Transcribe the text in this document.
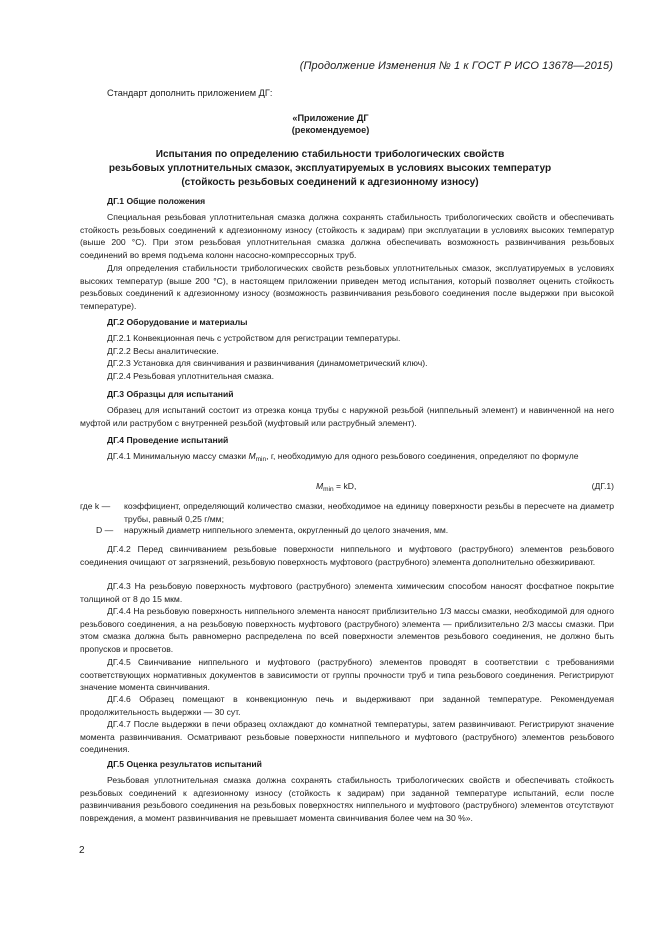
(Продолжение Изменения № 1 к ГОСТ Р ИСО 13678—2015)
Стандарт дополнить приложением ДГ:
«Приложение ДГ
(рекомендуемое)
Испытания по определению стабильности трибологических свойств
резьбовых уплотнительных смазок, эксплуатируемых в условиях высоких температур
(стойкость резьбовых соединений к адгезионному износу)
ДГ.1 Общие положения
Специальная резьбовая уплотнительная смазка должна сохранять стабильность трибологических свойств и обеспечивать стойкость резьбовых соединений к адгезионному износу (стойкость к задирам) при эксплуатации в условиях высоких температур (выше 200 °C). При этом резьбовая уплотнительная смазка должна обеспечивать возможность развинчивания резьбовых соединений во время подъема колонн насосно-компрессорных труб.
Для определения стабильности трибологических свойств резьбовых уплотнительных смазок, эксплуатируемых в условиях высоких температур (выше 200 °C), в настоящем приложении приведен метод испытания, который позволяет оценить стойкость резьбовых соединений к адгезионному износу (возможность развинчивания резьбового соединения после выдержки при высокой температуре).
ДГ.2 Оборудование и материалы
ДГ.2.1 Конвекционная печь с устройством для регистрации температуры.
ДГ.2.2 Весы аналитические.
ДГ.2.3 Установка для свинчивания и развинчивания (динамометрический ключ).
ДГ.2.4 Резьбовая уплотнительная смазка.
ДГ.3 Образцы для испытаний
Образец для испытаний состоит из отрезка конца трубы с наружной резьбой (ниппельный элемент) и навинченной на него муфтой или раструбом с внутренней резьбой (муфтовый или раструбный элемент).
ДГ.4 Проведение испытаний
ДГ.4.1 Минимальную массу смазки $M_{min}$, г, необходимую для одного резьбового соединения, определяют по формуле
$M_{min}$ = kD,	(ДГ.1)
где k — коэффициент, определяющий количество смазки, необходимое на единицу поверхности резьбы в пересчете на диаметр трубы, равный 0,25 г/мм;
D — наружный диаметр ниппельного элемента, округленный до целого значения, мм.
ДГ.4.2 Перед свинчиванием резьбовые поверхности ниппельного и муфтового (раструбного) элементов резьбового соединения очищают от загрязнений, резьбовую поверхность муфтового (раструбного) элемента дополнительно обезжиривают.
ДГ.4.3 На резьбовую поверхность муфтового (раструбного) элемента химическим способом наносят фосфатное покрытие толщиной от 8 до 15 мкм.
ДГ.4.4 На резьбовую поверхность ниппельного элемента наносят приблизительно 1/3 массы смазки, необходимой для одного резьбового соединения, а на резьбовую поверхность муфтового (раструбного) элемента — приблизительно 2/3 массы смазки. При этом смазка должна быть равномерно распределена по всей поверхности элементов резьбового соединения, не должно быть пропусков и просветов.
ДГ.4.5 Свинчивание ниппельного и муфтового (раструбного) элементов проводят в соответствии с требованиями соответствующих нормативных документов в зависимости от группы прочности труб и типа резьбового соединения. Регистрируют значение момента свинчивания.
ДГ.4.6 Образец помещают в конвекционную печь и выдерживают при заданной температуре. Рекомендуемая продолжительность выдержки — 30 сут.
ДГ.4.7 После выдержки в печи образец охлаждают до комнатной температуры, затем развинчивают. Регистрируют значение момента развинчивания. Осматривают резьбовые поверхности ниппельного и муфтового (раструбного) элементов резьбового соединения.
ДГ.5 Оценка результатов испытаний
Резьбовая уплотнительная смазка должна сохранять стабильность трибологических свойств и обеспечивать стойкость резьбовых соединений к адгезионному износу (стойкость к задирам) при заданной температуре испытаний, если после развинчивания резьбового соединения на резьбовых поверхностях ниппельного и муфтового (раструбного) элементов отсутствуют повреждения, а момент развинчивания не превышает момента свинчивания более чем на 30 %».
2
